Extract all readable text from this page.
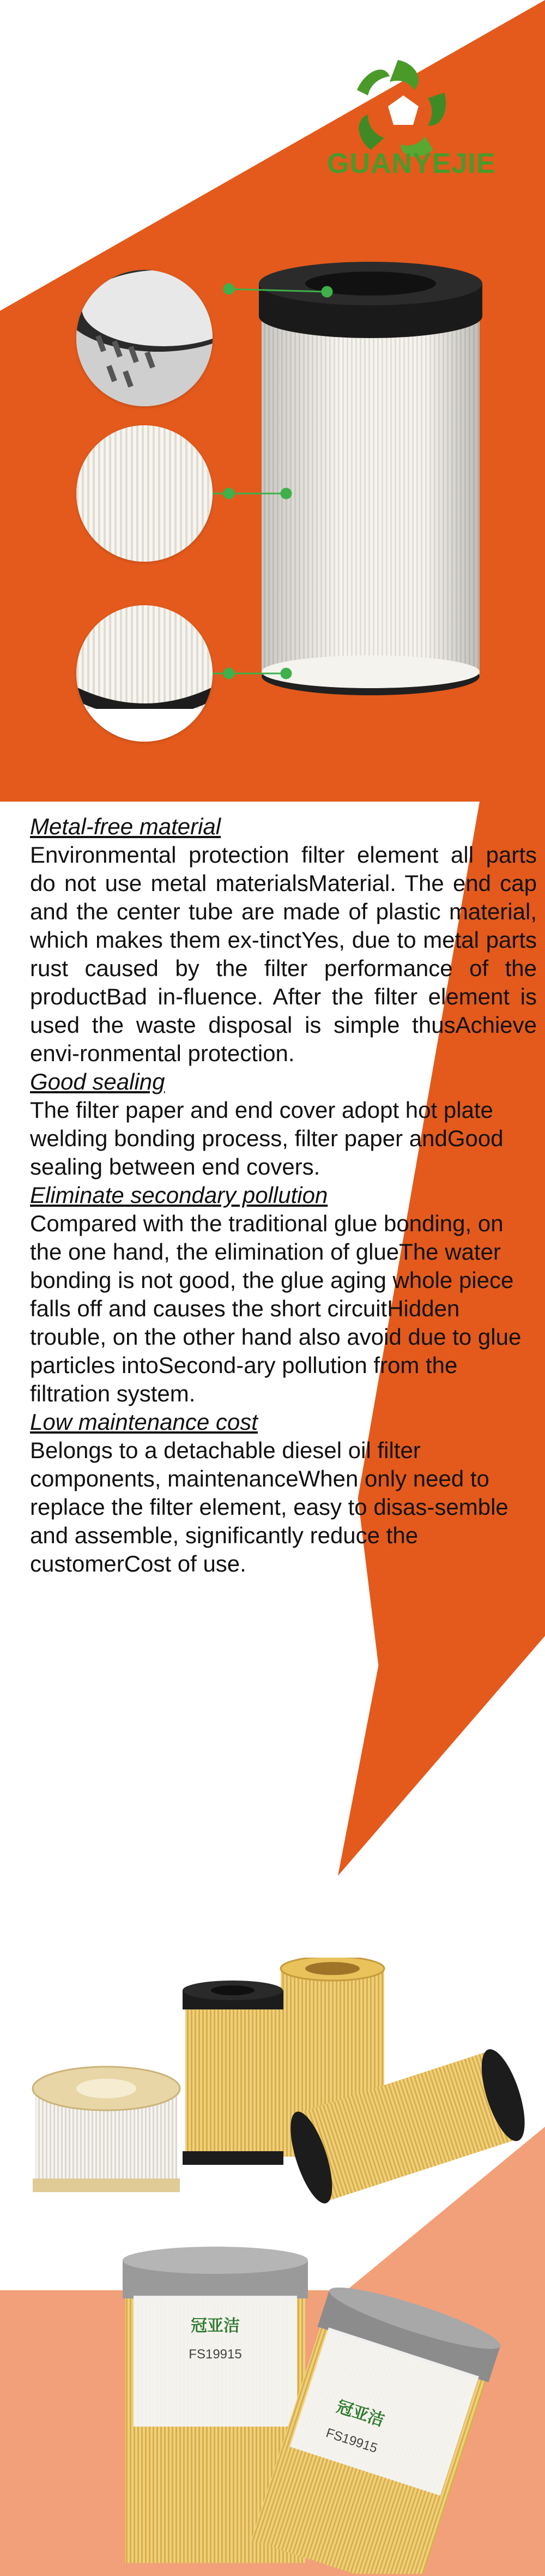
GUANYEJIE

Metal-free material

Environmental protection filter element all parts do not use metal materialsMaterial. The end cap and the center tube are made of plastic material, which makes them ex-tinctYes, due to metal parts rust caused by the filter performance of the productBad in-fluence. After the filter element is used the waste disposal is simple thusAchieve envi-ronmental protection.

Good sealing

The filter paper and end cover adopt hot plate welding bonding process, filter paper andGood sealing between end covers.

Eliminate secondary pollution

Compared with the traditional glue bonding, on the one hand, the elimination of glueThe water bonding is not good, the glue aging whole piece falls off and causes the short circuitHidden trouble, on the other hand also avoid due to glue particles intoSecond-ary pollution from the filtration system.

Low maintenance cost

Belongs to a detachable diesel oil filter components, maintenanceWhen only need to replace the filter element, easy to disas-semble and assemble, significantly reduce the customerCost of use.

冠亚洁
FS19915
冠亚洁
FS19915
